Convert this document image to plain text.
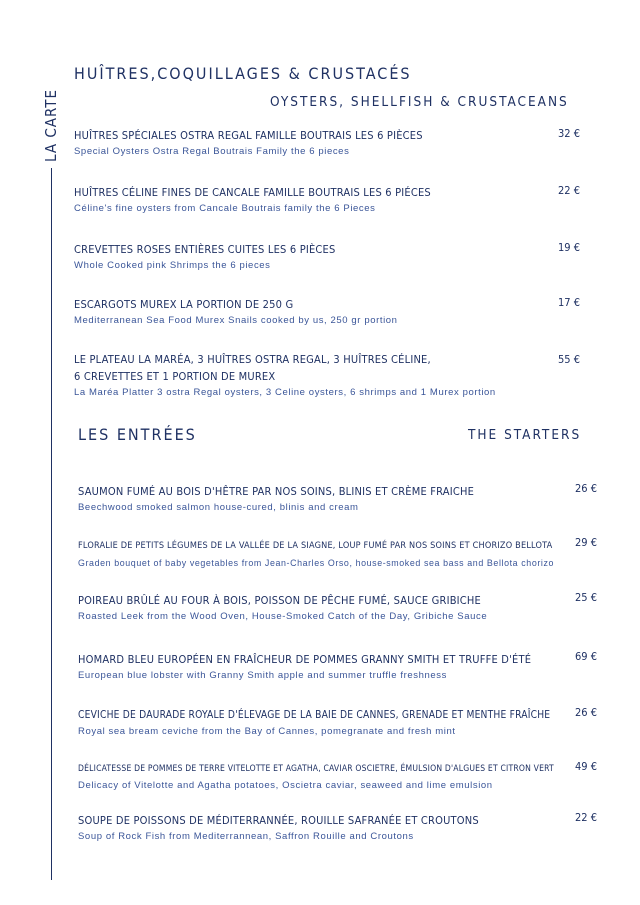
LA CARTE
HUÎTRES,COQUILLAGES & CRUSTACÉS
OYSTERS, SHELLFISH & CRUSTACEANS
HUÎTRES SPÉCIALES OSTRA REGAL FAMILLE BOUTRAIS LES 6 PIÈCES
Special Oysters Ostra Regal Boutrais Family the 6 pieces
32 €
HUÎTRES CÉLINE FINES DE CANCALE FAMILLE BOUTRAIS LES 6 PIÉCES
Céline's fine oysters from Cancale Boutrais family the 6 Pieces
22 €
CREVETTES ROSES ENTIÈRES CUITES LES 6 PIÈCES
Whole Cooked pink Shrimps the 6 pieces
19 €
ESCARGOTS MUREX LA PORTION DE 250 G
Mediterranean Sea Food Murex Snails cooked by us, 250 gr portion
17 €
LE PLATEAU LA MARÉA, 3 HUÎTRES OSTRA REGAL, 3 HUÎTRES CÉLINE,
6 CREVETTES ET 1 PORTION DE MUREX
La Maréa Platter 3 ostra Regal oysters, 3 Celine oysters, 6 shrimps and 1 Murex portion
55 €
LES ENTRÉES	THE STARTERS
SAUMON FUMÉ AU BOIS D'HÊTRE PAR NOS SOINS, BLINIS ET CRÈME FRAICHE
Beechwood smoked salmon house-cured, blinis and cream
26 €
FLORALIE DE PETITS LÉGUMES DE LA VALLÉE DE LA SIAGNE, LOUP FUMÉ PAR NOS SOINS ET CHORIZO BELLOTA
Graden bouquet of baby vegetables from Jean-Charles Orso, house-smoked sea bass and Bellota chorizo
29 €
POIREAU BRÛLÉ AU FOUR À BOIS, POISSON DE PÊCHE FUMÉ, SAUCE GRIBICHE
Roasted Leek from the Wood Oven, House-Smoked Catch of the Day, Gribiche Sauce
25 €
HOMARD BLEU EUROPÉEN EN FRAÎCHEUR DE POMMES GRANNY SMITH ET TRUFFE D'ÉTÉ
European blue lobster with Granny Smith apple and summer truffle freshness
69 €
CEVICHE DE DAURADE ROYALE D'ÉLEVAGE DE LA BAIE DE CANNES, GRENADE ET MENTHE FRAÎCHE
Royal sea bream ceviche from the Bay of Cannes, pomegranate and fresh mint
26 €
DÉLICATESSE DE POMMES DE TERRE VITELOTTE ET AGATHA, CAVIAR OSCIETRE, ÉMULSION D'ALGUES ET CITRON VERT
Delicacy of Vitelotte and Agatha potatoes, Oscietra caviar, seaweed and lime emulsion
49 €
SOUPE DE POISSONS DE MÉDITERRANNÉE, ROUILLE SAFRANÉE ET CROUTONS
Soup of Rock Fish from Mediterrannean, Saffron Rouille and Croutons
22 €
